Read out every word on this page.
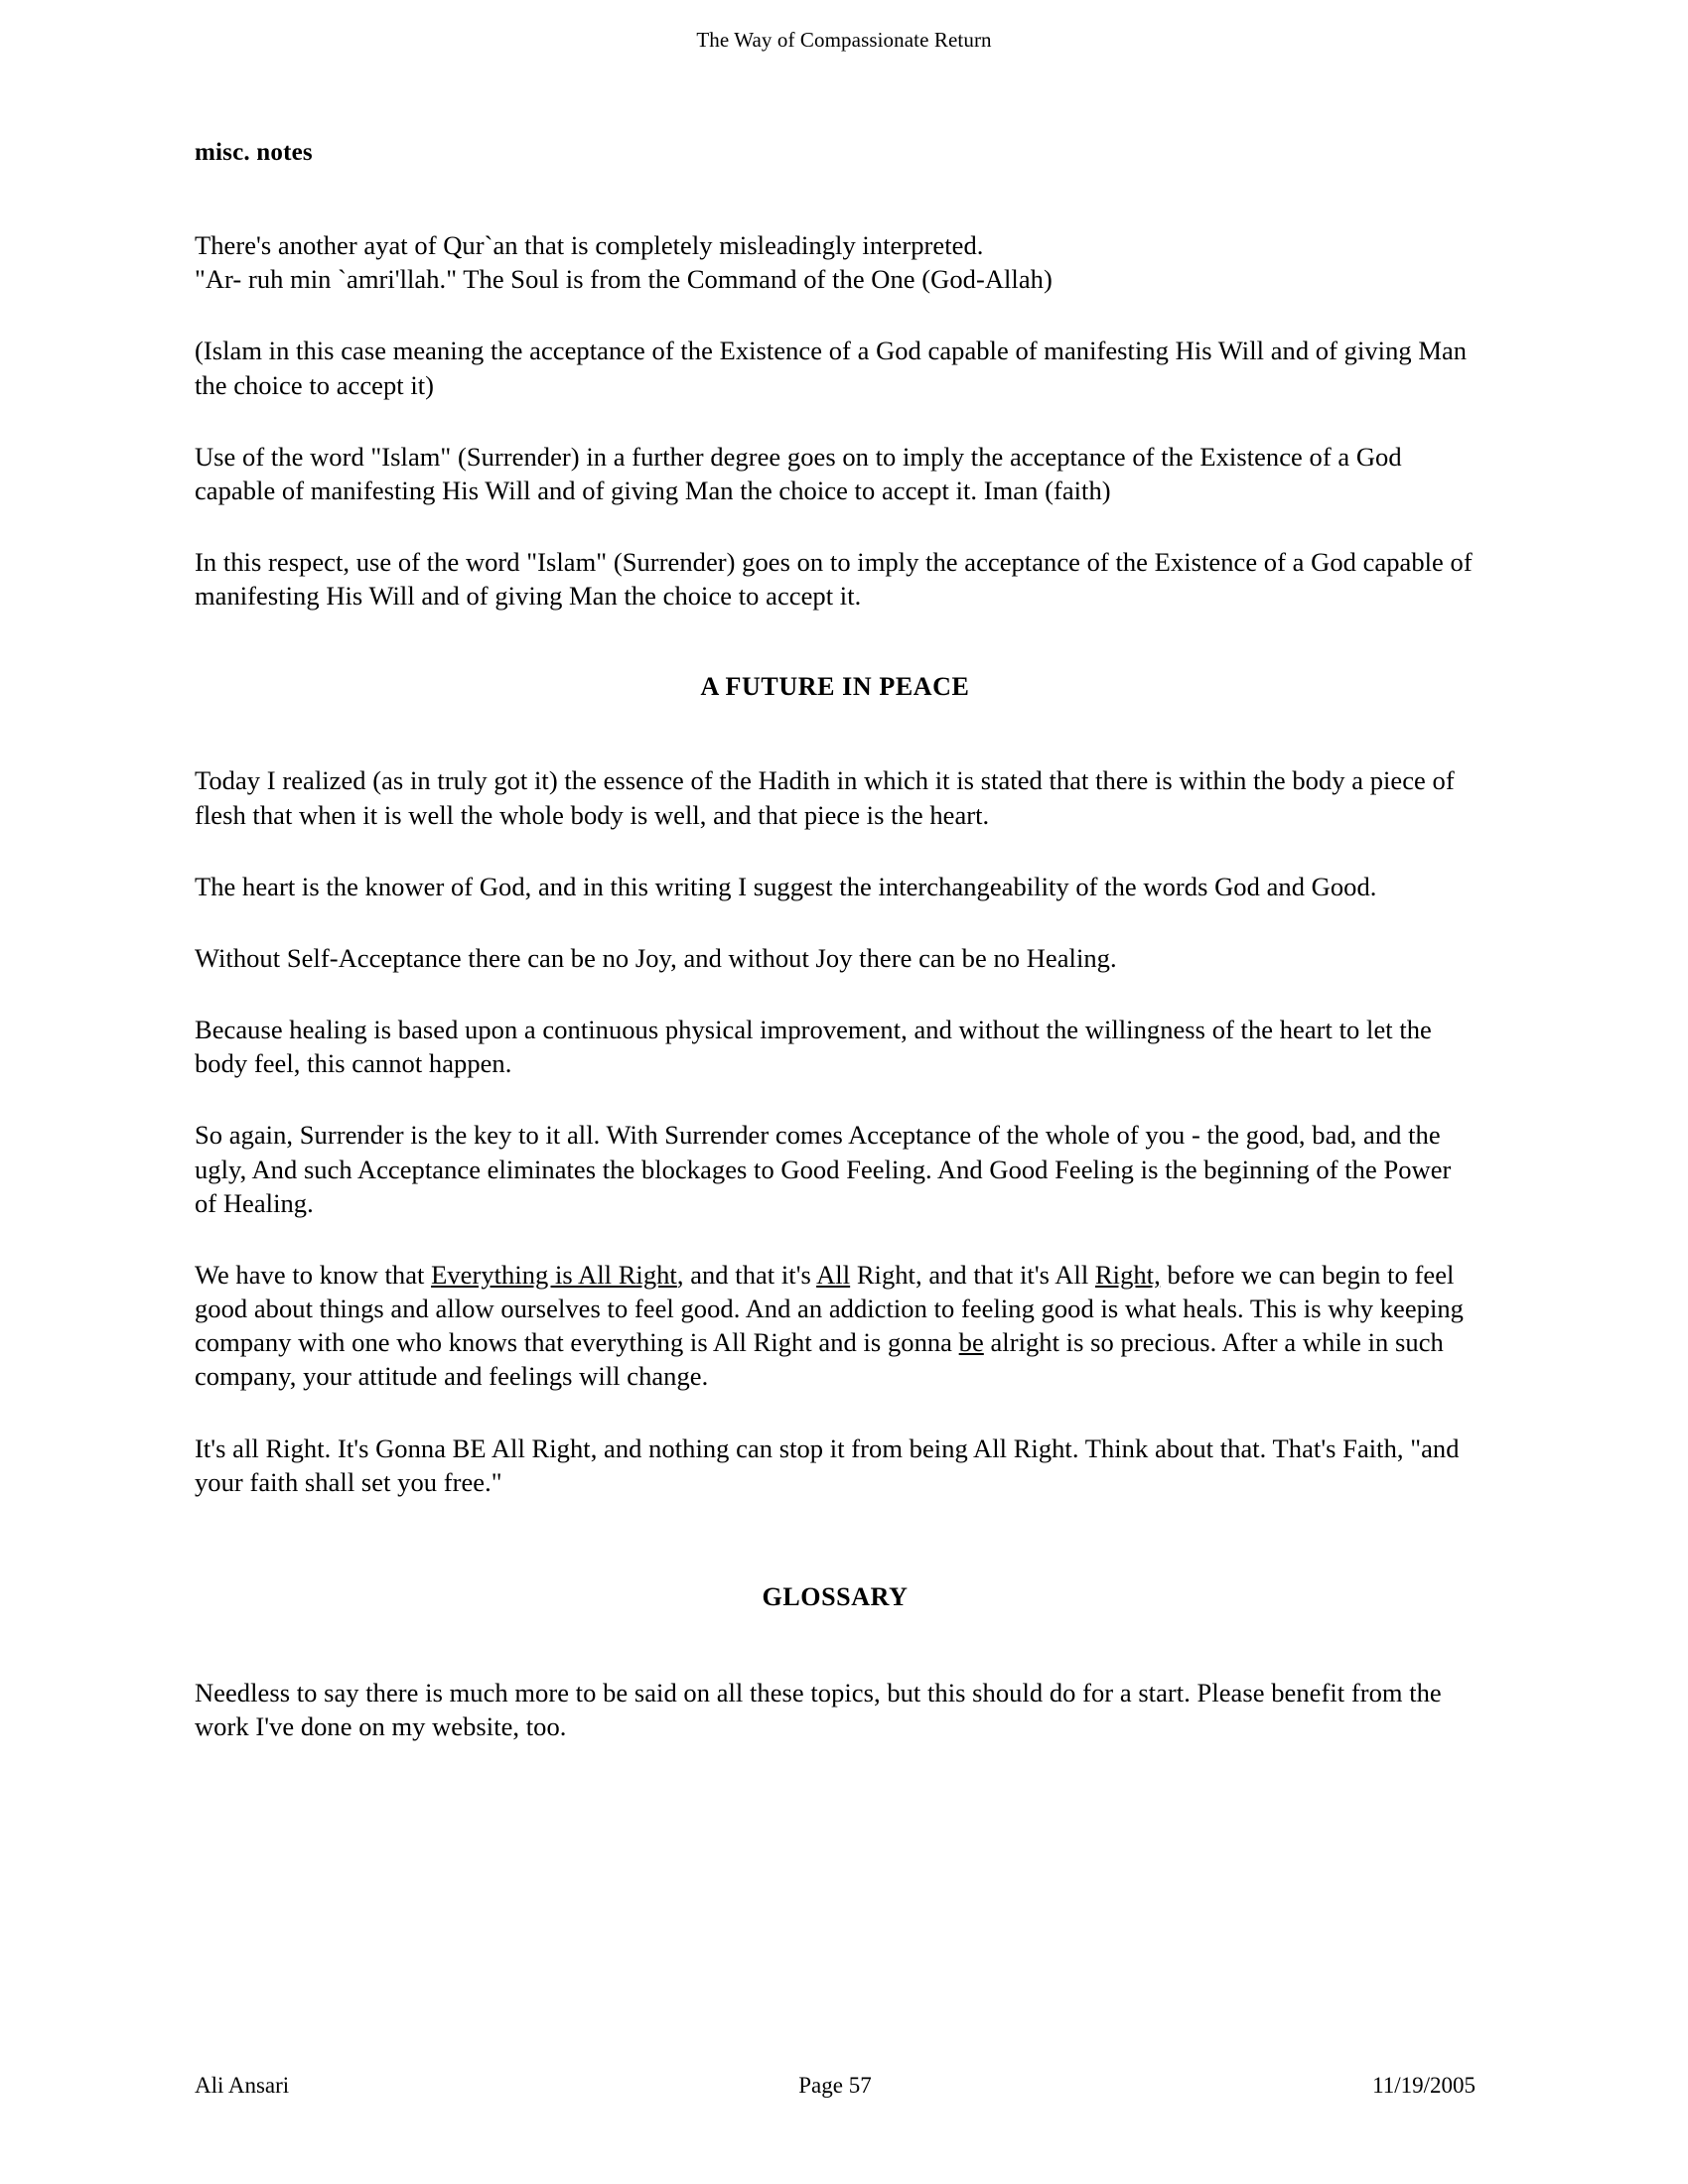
The Way of Compassionate Return
misc. notes

There's another ayat of Qur`an that is completely misleadingly interpreted.
"Ar- ruh min `amri'llah." The Soul is from the Command of the One (God-Allah)

(Islam in this case meaning the acceptance of the Existence of a God capable of manifesting His Will and of giving Man the choice to accept it)

Use of the word "Islam" (Surrender) in a further degree goes on to imply the acceptance of the Existence of a God capable of manifesting His Will and of giving Man the choice to accept it. Iman (faith)

In this respect, use of the word "Islam" (Surrender) goes on to imply the acceptance of the Existence of a God capable of manifesting His Will and of giving Man the choice to accept it.

A FUTURE IN PEACE

Today I realized (as in truly got it) the essence of the Hadith in which it is stated that there is within the body a piece of flesh that when it is well the whole body is well, and that piece is the heart.

The heart is the knower of God, and in this writing I suggest the interchangeability of the words God and Good.

Without Self-Acceptance there can be no Joy, and without Joy there can be no Healing.

Because healing is based upon a continuous physical improvement, and without the willingness of the heart to let the body feel, this cannot happen.

So again, Surrender is the key to it all. With Surrender comes Acceptance of the whole of you - the good, bad, and the ugly, And such Acceptance eliminates the blockages to Good Feeling. And Good Feeling is the beginning of the Power of Healing.

We have to know that Everything is All Right, and that it's All Right, and that it's All Right, before we can begin to feel good about things and allow ourselves to feel good. And an addiction to feeling good is what heals. This is why keeping company with one who knows that everything is All Right and is gonna be alright is so precious. After a while in such company, your attitude and feelings will change.

It's all Right. It's Gonna BE All Right, and nothing can stop it from being All Right. Think about that. That's Faith, "and your faith shall set you free."

GLOSSARY

Needless to say there is much more to be said on all these topics, but this should do for a start. Please benefit from the work I've done on my website, too.

Ali Ansari	Page 57	11/19/2005
